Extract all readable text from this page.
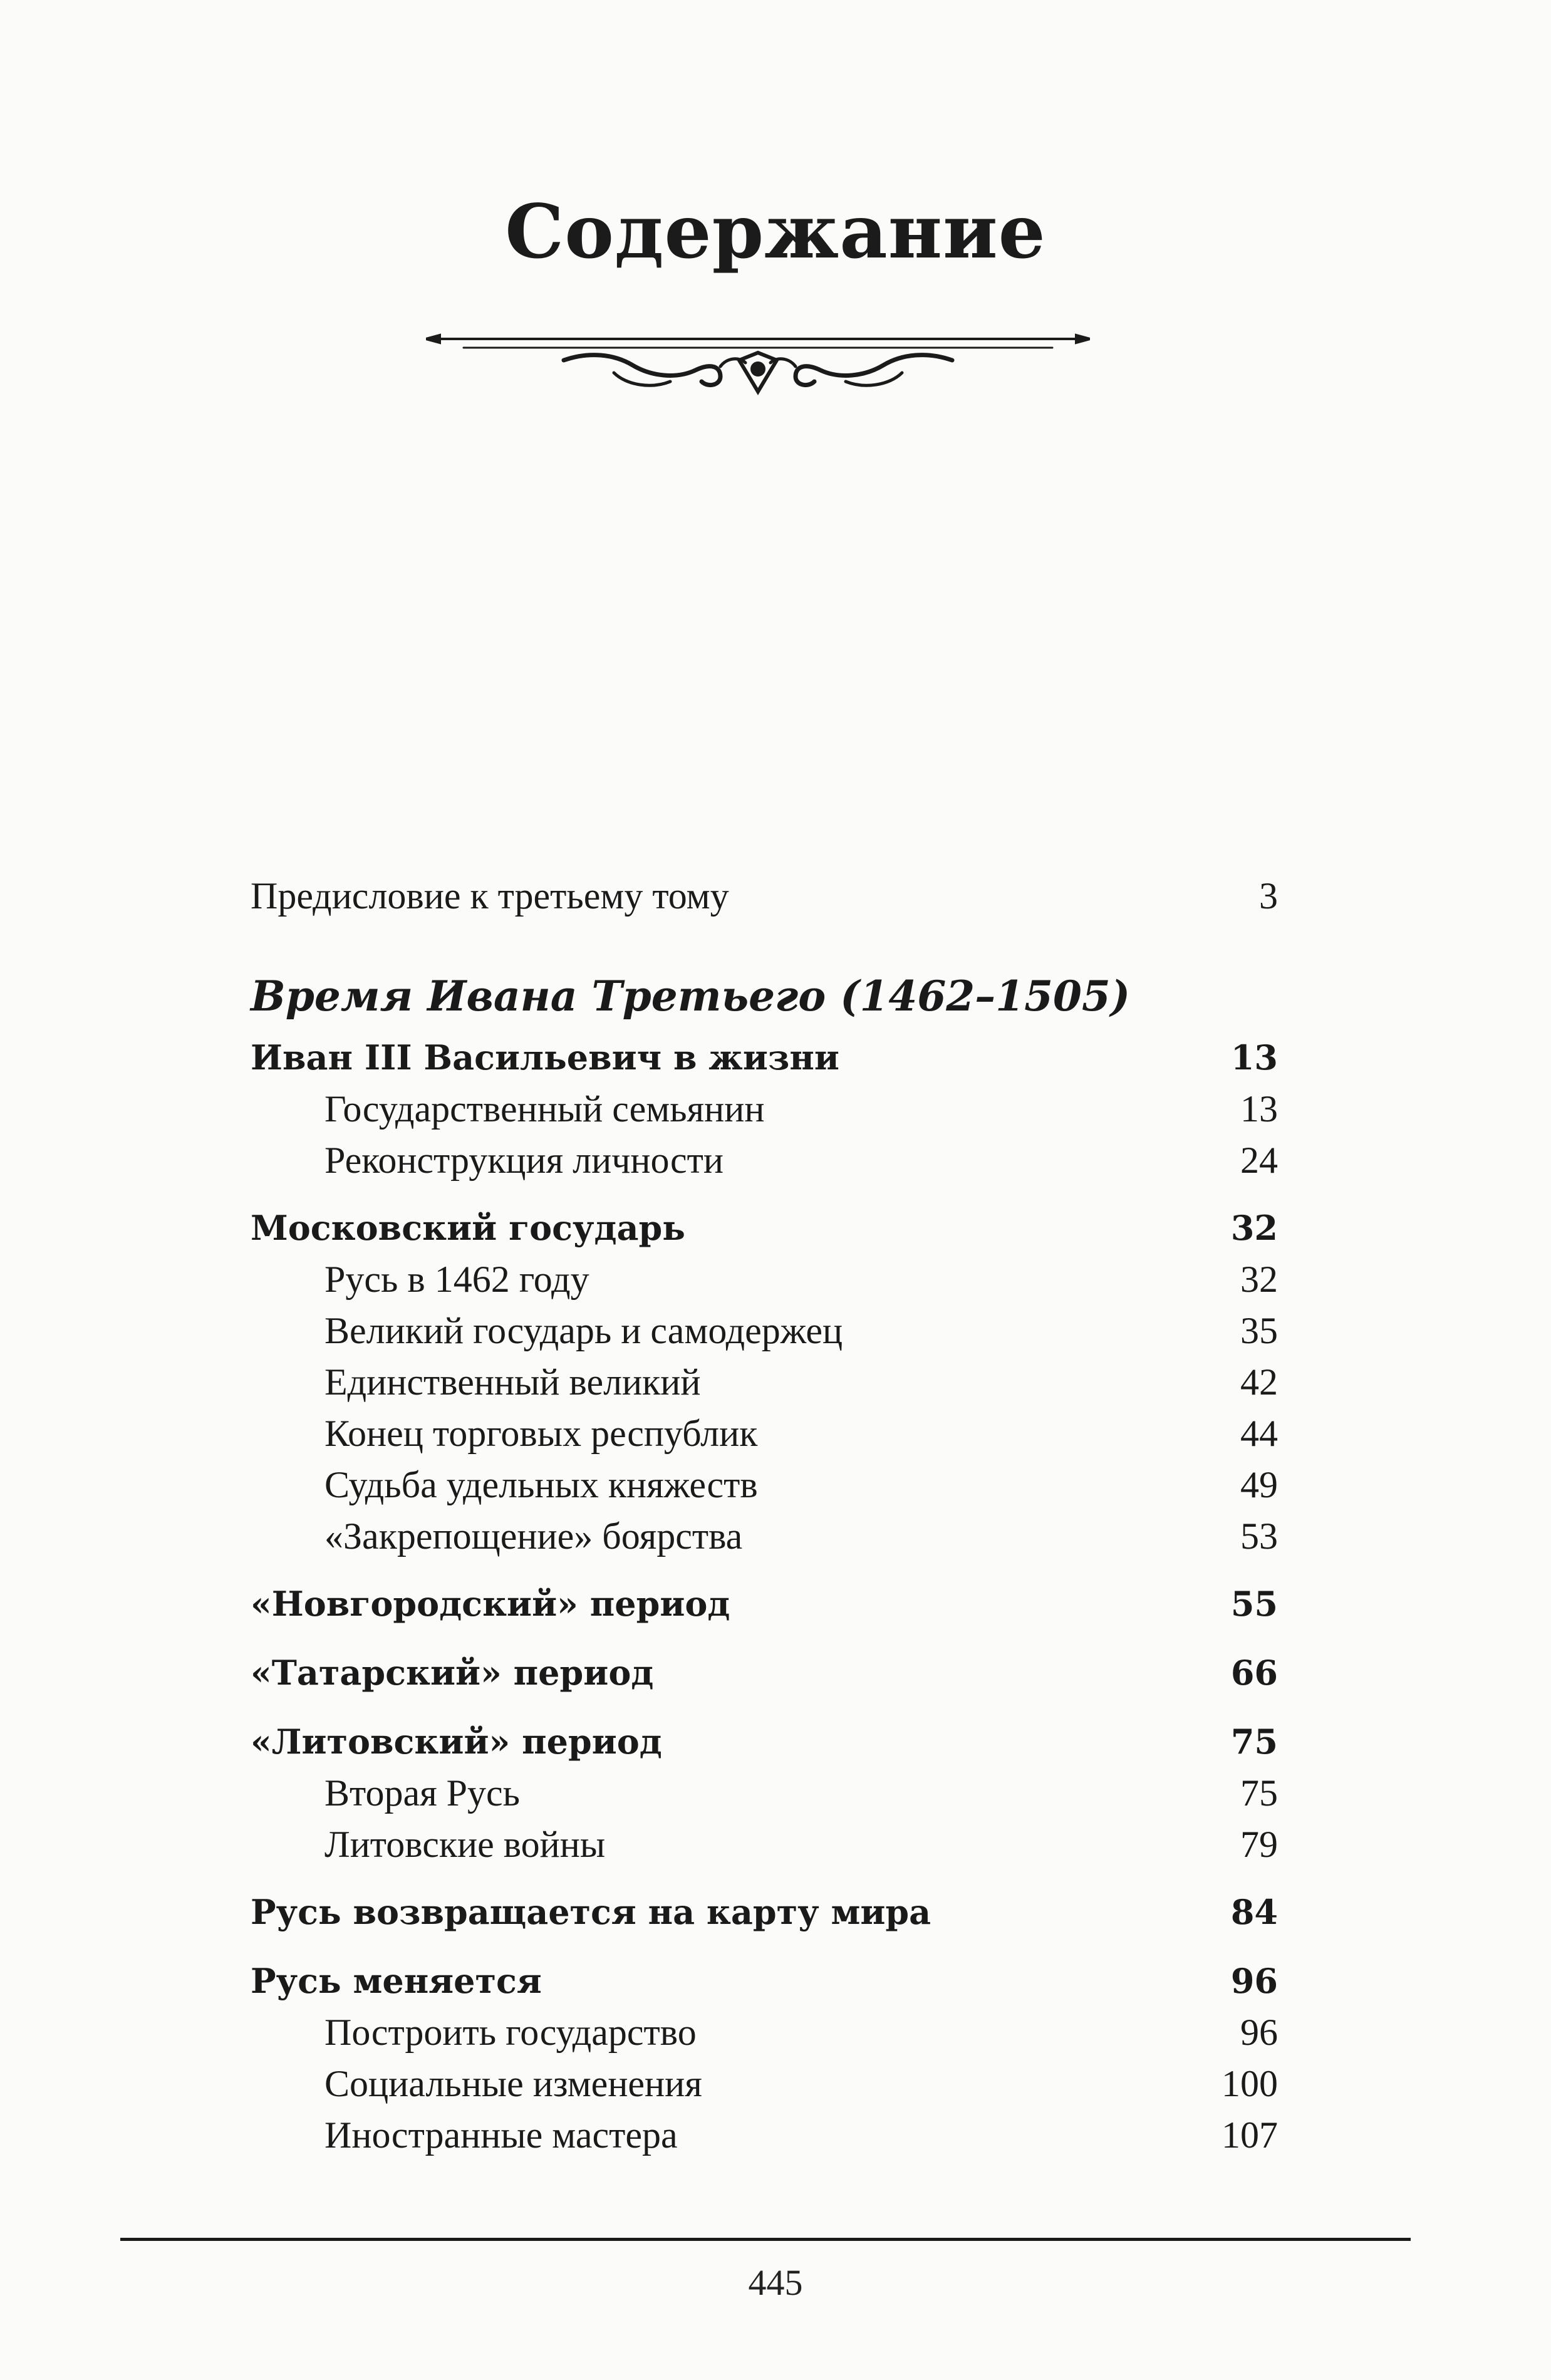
Содержание
Предисловие к третьему тому	3
Время Ивана Третьего (1462–1505)
Иван III Васильевич в жизни	13
Государственный семьянин	13
Реконструкция личности	24
Московский государь	32
Русь в 1462 году	32
Великий государь и самодержец	35
Единственный великий	42
Конец торговых республик	44
Судьба удельных княжеств	49
«Закрепощение» боярства	53
«Новгородский» период	55
«Татарский» период	66
«Литовский» период	75
Вторая Русь	75
Литовские войны	79
Русь возвращается на карту мира	84
Русь меняется	96
Построить государство	96
Социальные изменения	100
Иностранные мастера	107
445
